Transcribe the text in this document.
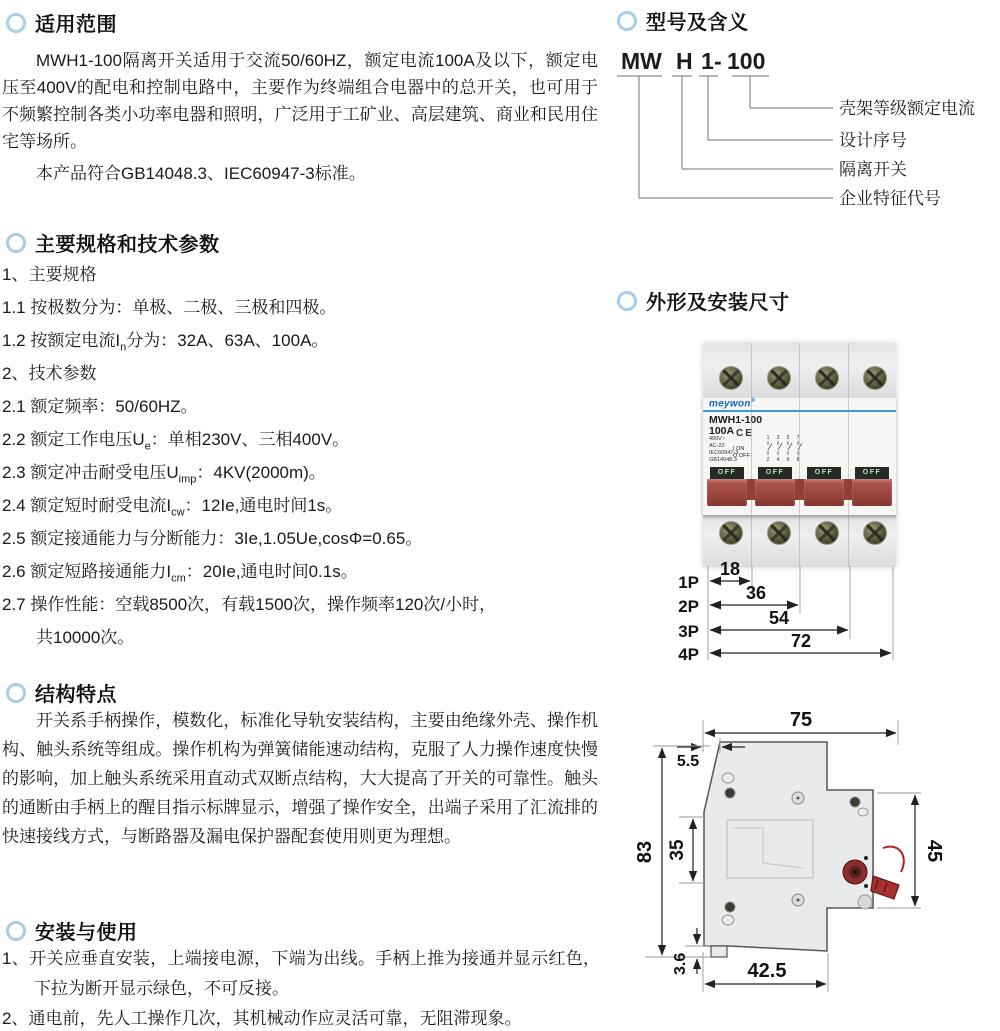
适用范围

MWH1-100隔离开关适用于交流50/60HZ，额定电流100A及以下，额定电压至400V的配电和控制电路中，主要作为终端组合电器中的总开关，也可用于不频繁控制各类小功率电器和照明，广泛用于工矿业、高层建筑、商业和民用住宅等场所。

本产品符合GB14048.3、IEC60947-3标准。

主要规格和技术参数
1、主要规格
1.1 按极数分为：单极、二极、三极和四极。
1.2 按额定电流$I_n$分为：32A、63A、100A。
2、技术参数
2.1 额定频率：50/60HZ。
2.2 额定工作电压$U_e$：单相230V、三相400V。
2.3 额定冲击耐受电压$U_{imp}$：4KV(2000m)。
2.4 额定短时耐受电流$I_{cw}$：12Ie,通电时间1s。
2.5 额定接通能力与分断能力：3Ie,1.05Ue,cosΦ=0.65。
2.6 额定短路接通能力$I_{cm}$：20Ie,通电时间0.1s。
2.7 操作性能：空载8500次，有载1500次，操作频率120次/小时，
共10000次。
结构特点

开关系手柄操作，模数化，标准化导轨安装结构，主要由绝缘外壳、操作机构、触头系统等组成。操作机构为弹簧储能速动结构，克服了人力操作速度快慢的影响，加上触头系统采用直动式双断点结构，大大提高了开关的可靠性。触头的通断由手柄上的醒目指示标牌显示，增强了操作安全，出端子采用了汇流排的快速接线方式，与断路器及漏电保护器配套使用则更为理想。

安装与使用
1、开关应垂直安装，上端接电源，下端为出线。手柄上推为接通并显示红色，下拉为断开显示绿色，不可反接。
2、通电前，先人工操作几次，其机械动作应灵活可靠，无阻滞现象。
型号及含义
MW H 1 - 100
壳架等级额定电流
设计序号
隔离开关
企业特征代号
外形及安装尺寸
meywon®
MWH1-100
100A CE
400V~
AC-22
IEC60947-3
GB14048.3
I ON
O OFF
1 3 5 7
2 4 6 8
OFF	OFF	OFF	OFF
1P
2P
3P
4P
18
36
54
72
75
5.5
83 35	45
3.6	42.5
